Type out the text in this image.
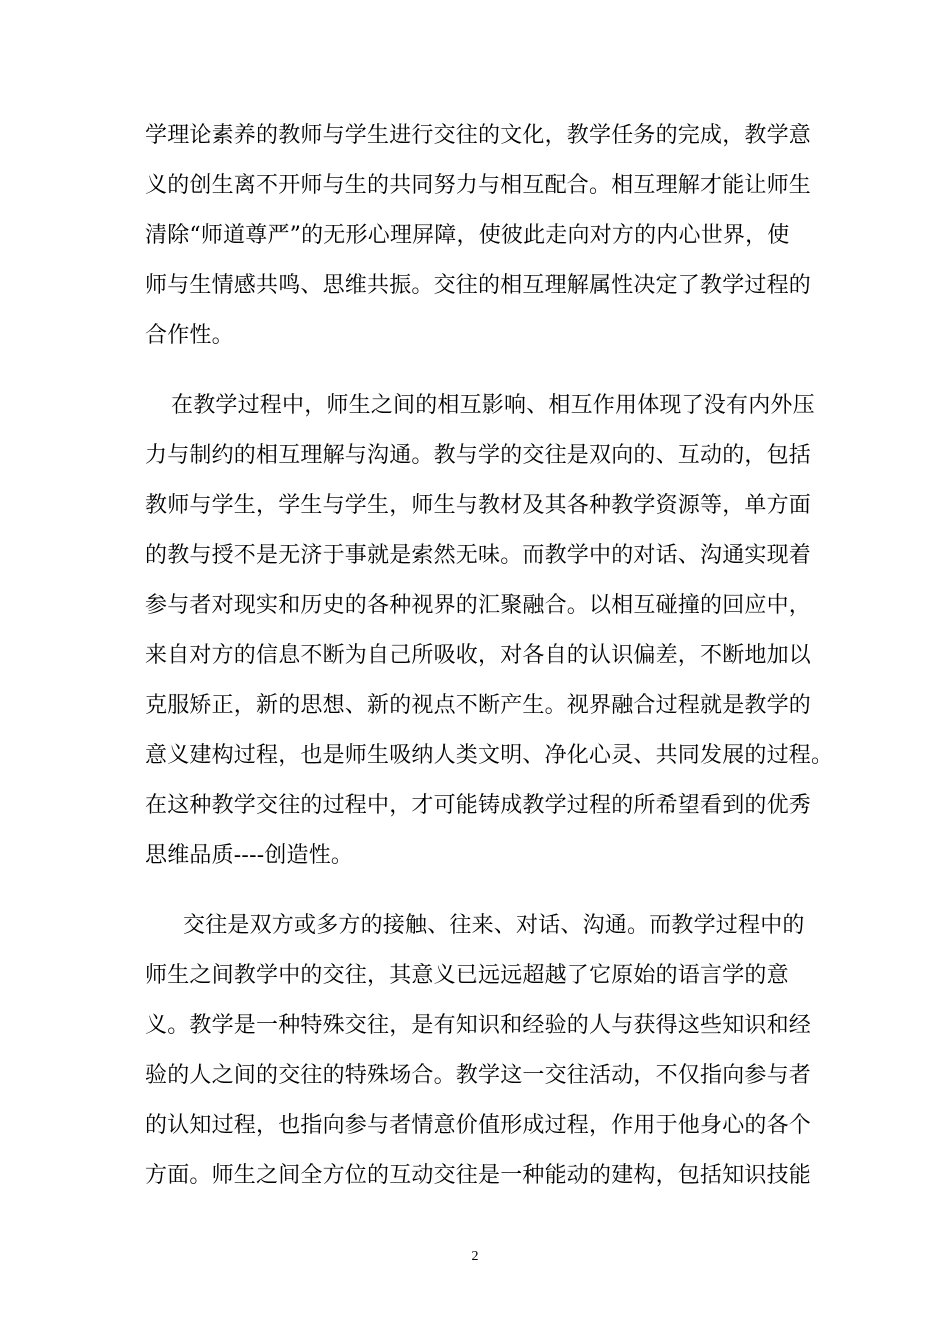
学理论素养的教师与学生进行交往的文化，教学任务的完成，教学意
义的创生离不开师与生的共同努力与相互配合。相互理解才能让师生
清除“师道尊严”的无形心理屏障，使彼此走向对方的内心世界，使
师与生情感共鸣、思维共振。交往的相互理解属性决定了教学过程的
合作性。
在教学过程中，师生之间的相互影响、相互作用体现了没有内外压
力与制约的相互理解与沟通。教与学的交往是双向的、互动的，包括
教师与学生，学生与学生，师生与教材及其各种教学资源等，单方面
的教与授不是无济于事就是索然无味。而教学中的对话、沟通实现着
参与者对现实和历史的各种视界的汇聚融合。以相互碰撞的回应中，
来自对方的信息不断为自己所吸收，对各自的认识偏差，不断地加以
克服矫正，新的思想、新的视点不断产生。视界融合过程就是教学的
意义建构过程，也是师生吸纳人类文明、净化心灵、共同发展的过程。
在这种教学交往的过程中，才可能铸成教学过程的所希望看到的优秀
思维品质----创造性。
交往是双方或多方的接触、往来、对话、沟通。而教学过程中的
师生之间教学中的交往，其意义已远远超越了它原始的语言学的意
义。教学是一种特殊交往，是有知识和经验的人与获得这些知识和经
验的人之间的交往的特殊场合。教学这一交往活动，不仅指向参与者
的认知过程，也指向参与者情意价值形成过程，作用于他身心的各个
方面。师生之间全方位的互动交往是一种能动的建构，包括知识技能
2
